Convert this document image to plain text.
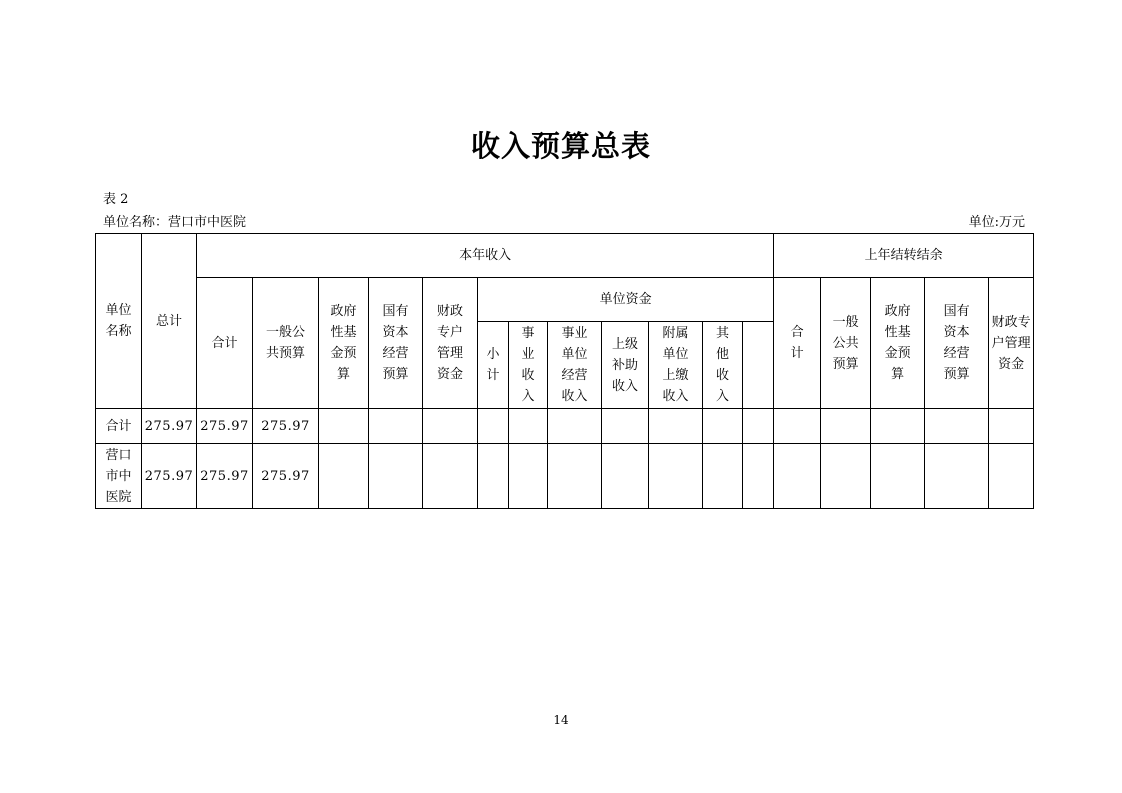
收入预算总表
表 2
单位名称：营口市中医院	单位:万元
单位名称	总计	本年收入												上年结转结余					
		合计	一般公共预算	政府性基金预算	国有资本经营预算	财政专户管理资金	单位资金							合计	一般公共预算	政府性基金预算	国有资本经营预算	财政专户管理资金	
							小计	事业收入	事业单位经营收入	上级补助收入	附属单位上缴收入	其他收入							
合计	275.97	275.97	275.97																
营口市中医院	275.97	275.97	275.97																
14
